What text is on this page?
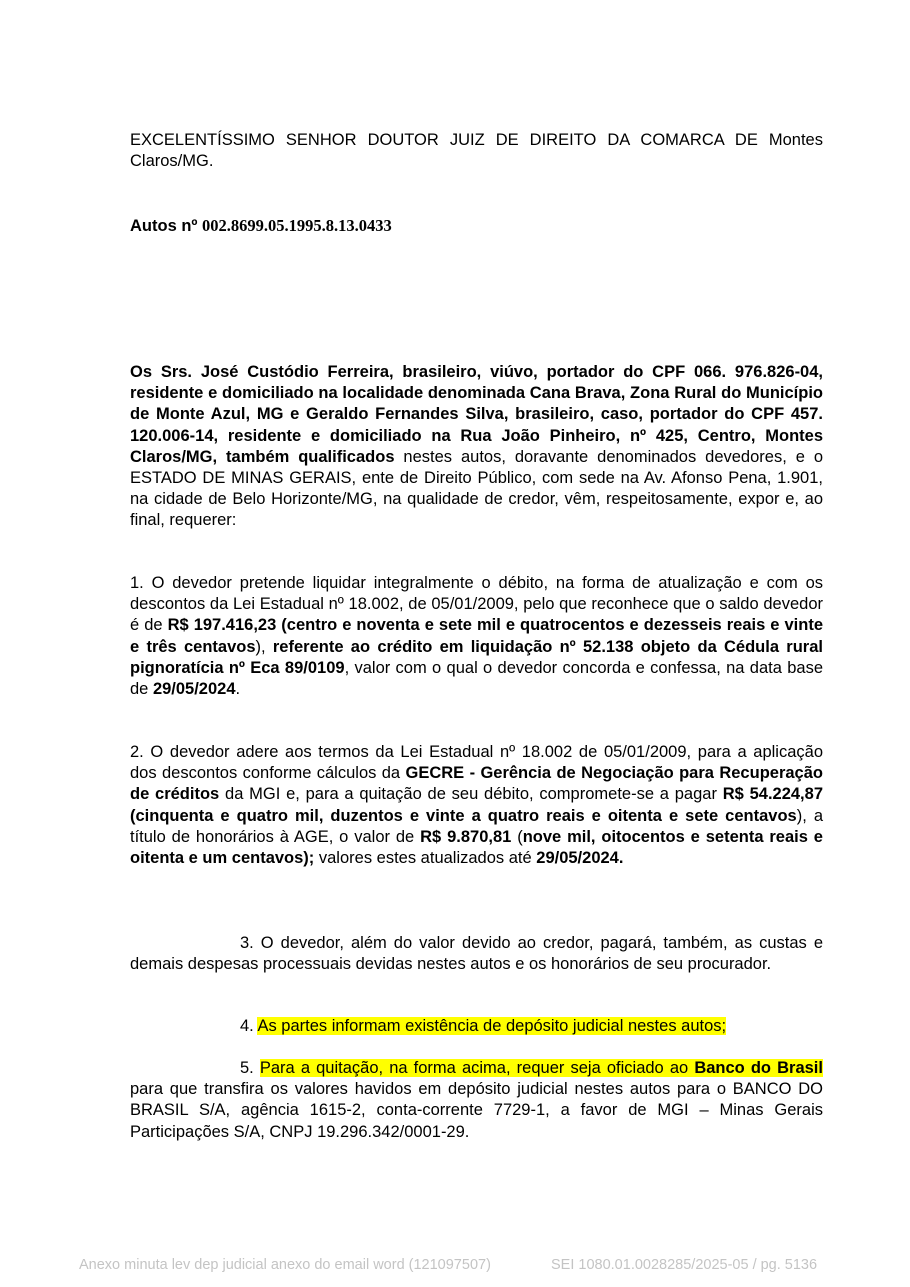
EXCELENTÍSSIMO SENHOR DOUTOR JUIZ DE DIREITO DA COMARCA DE Montes Claros/MG.

Autos nº 002.8699.05.1995.8.13.0433

Os Srs. José Custódio Ferreira, brasileiro, viúvo, portador do CPF 066. 976.826-04, residente e domiciliado na localidade denominada Cana Brava, Zona Rural do Município de Monte Azul, MG e Geraldo Fernandes Silva, brasileiro, caso, portador do CPF 457. 120.006-14, residente e domiciliado na Rua João Pinheiro, nº 425, Centro, Montes Claros/MG, também qualificados nestes autos, doravante denominados devedores, e o ESTADO DE MINAS GERAIS, ente de Direito Público, com sede na Av. Afonso Pena, 1.901, na cidade de Belo Horizonte/MG, na qualidade de credor, vêm, respeitosamente, expor e, ao final, requerer:

1. O devedor pretende liquidar integralmente o débito, na forma de atualização e com os descontos da Lei Estadual nº 18.002, de 05/01/2009, pelo que reconhece que o saldo devedor é de R$ 197.416,23 (centro e noventa e sete mil e quatrocentos e dezesseis reais e vinte e três centavos), referente ao crédito em liquidação nº 52.138 objeto da Cédula rural pignoratícia nº Eca 89/0109, valor com o qual o devedor concorda e confessa, na data base de 29/05/2024.

2. O devedor adere aos termos da Lei Estadual nº 18.002 de 05/01/2009, para a aplicação dos descontos conforme cálculos da GECRE - Gerência de Negociação para Recuperação de créditos da MGI e, para a quitação de seu débito, compromete-se a pagar R$ 54.224,87 (cinquenta e quatro mil, duzentos e vinte a quatro reais e oitenta e sete centavos), a título de honorários à AGE, o valor de R$ 9.870,81 (nove mil, oitocentos e setenta reais e oitenta e um centavos); valores estes atualizados até 29/05/2024.

3. O devedor, além do valor devido ao credor, pagará, também, as custas e demais despesas processuais devidas nestes autos e os honorários de seu procurador.

4. As partes informam existência de depósito judicial nestes autos;

5. Para a quitação, na forma acima, requer seja oficiado ao Banco do Brasil para que transfira os valores havidos em depósito judicial nestes autos para o BANCO DO BRASIL S/A, agência 1615-2, conta-corrente 7729-1, a favor de MGI – Minas Gerais Participações S/A, CNPJ 19.296.342/0001-29.

Anexo minuta lev dep judicial anexo do email word (121097507)	SEI 1080.01.0028285/2025-05 / pg. 5136
